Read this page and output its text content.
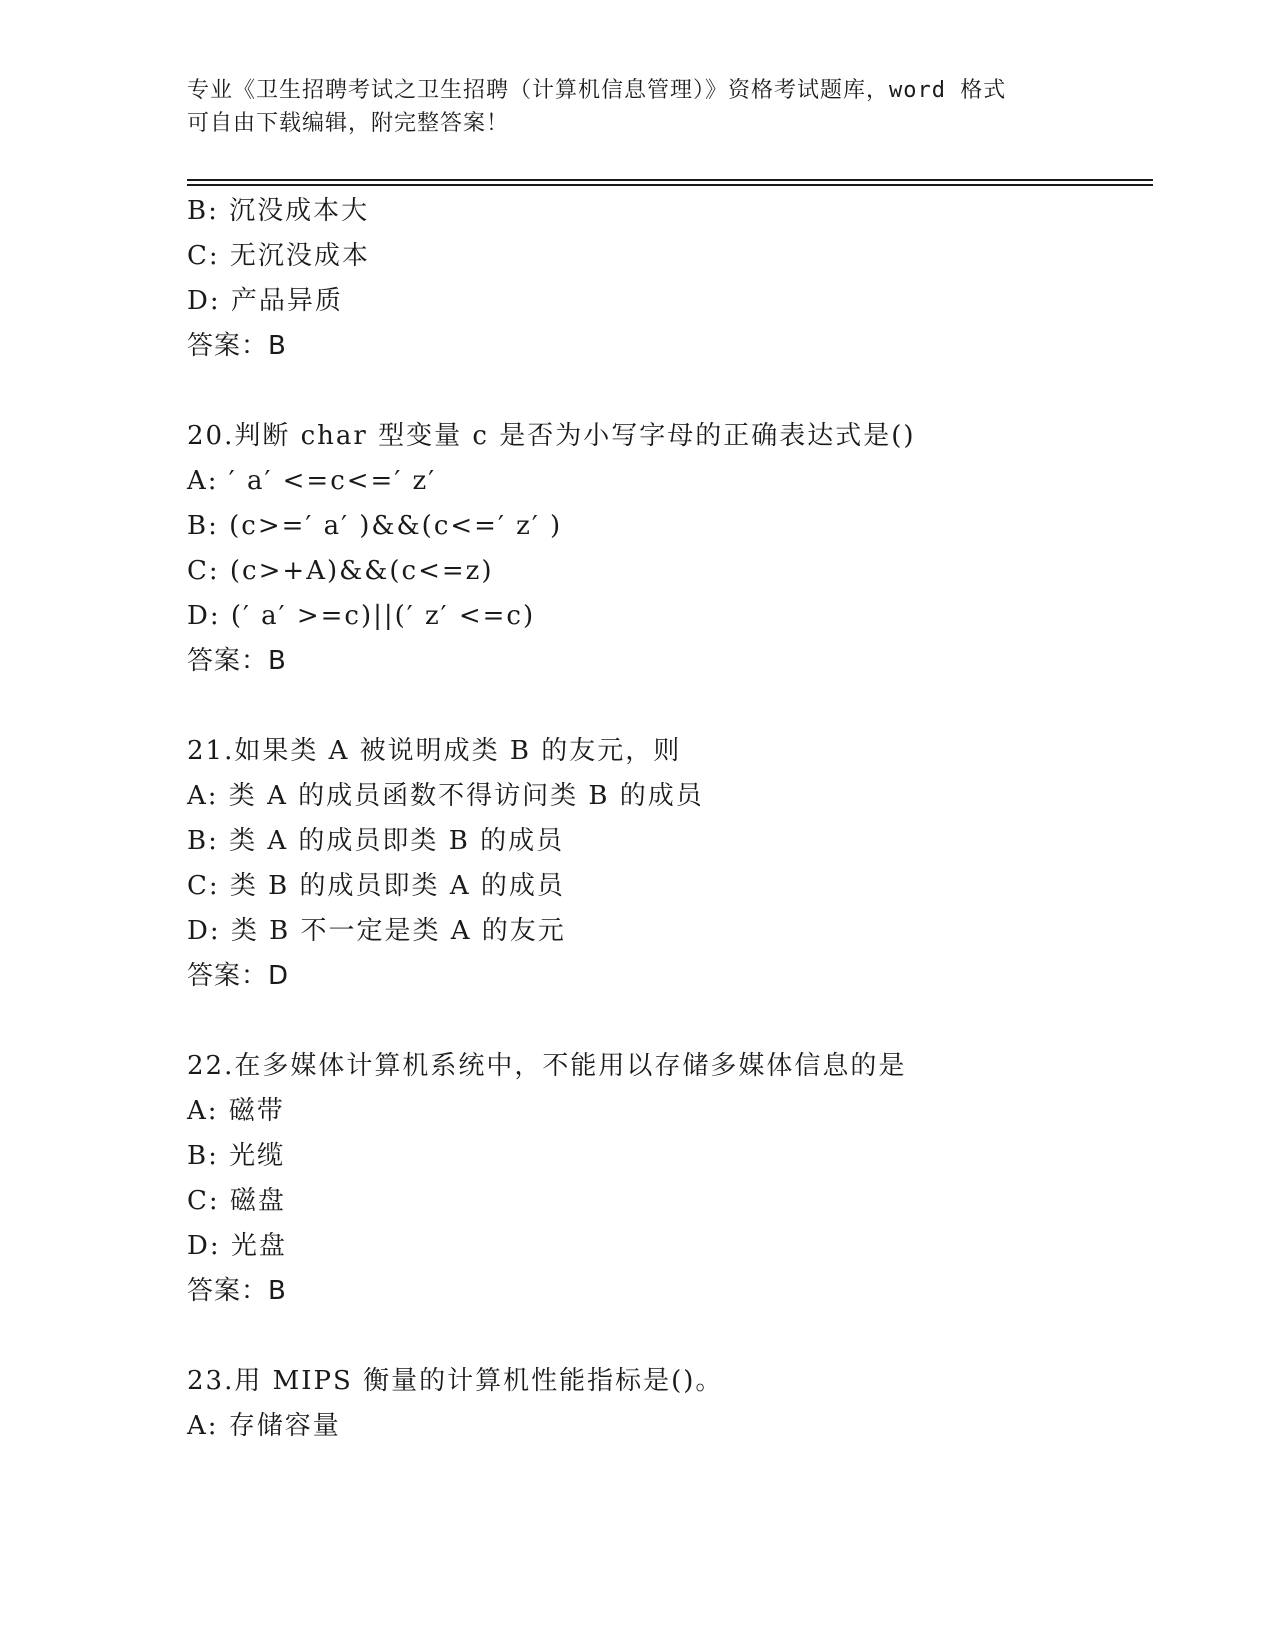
专业《卫生招聘考试之卫生招聘（计算机信息管理）》资格考试题库，word 格式
可自由下载编辑，附完整答案！
B: 沉没成本大
C: 无沉没成本
D: 产品异质
答案：B
20.判断 char 型变量 c 是否为小写字母的正确表达式是()
A: ′ a′ <=c<=′ z′
B: (c>=′ a′ )&&(c<=′ z′ )
C: (c>+A)&&(c<=z)
D: (′ a′ >=c)||(′ z′ <=c)
答案：B
21.如果类 A 被说明成类 B 的友元，则
A: 类 A 的成员函数不得访问类 B 的成员
B: 类 A 的成员即类 B 的成员
C: 类 B 的成员即类 A 的成员
D: 类 B 不一定是类 A 的友元
答案：D
22.在多媒体计算机系统中，不能用以存储多媒体信息的是
A: 磁带
B: 光缆
C: 磁盘
D: 光盘
答案：B
23.用 MIPS 衡量的计算机性能指标是()。
A: 存储容量
